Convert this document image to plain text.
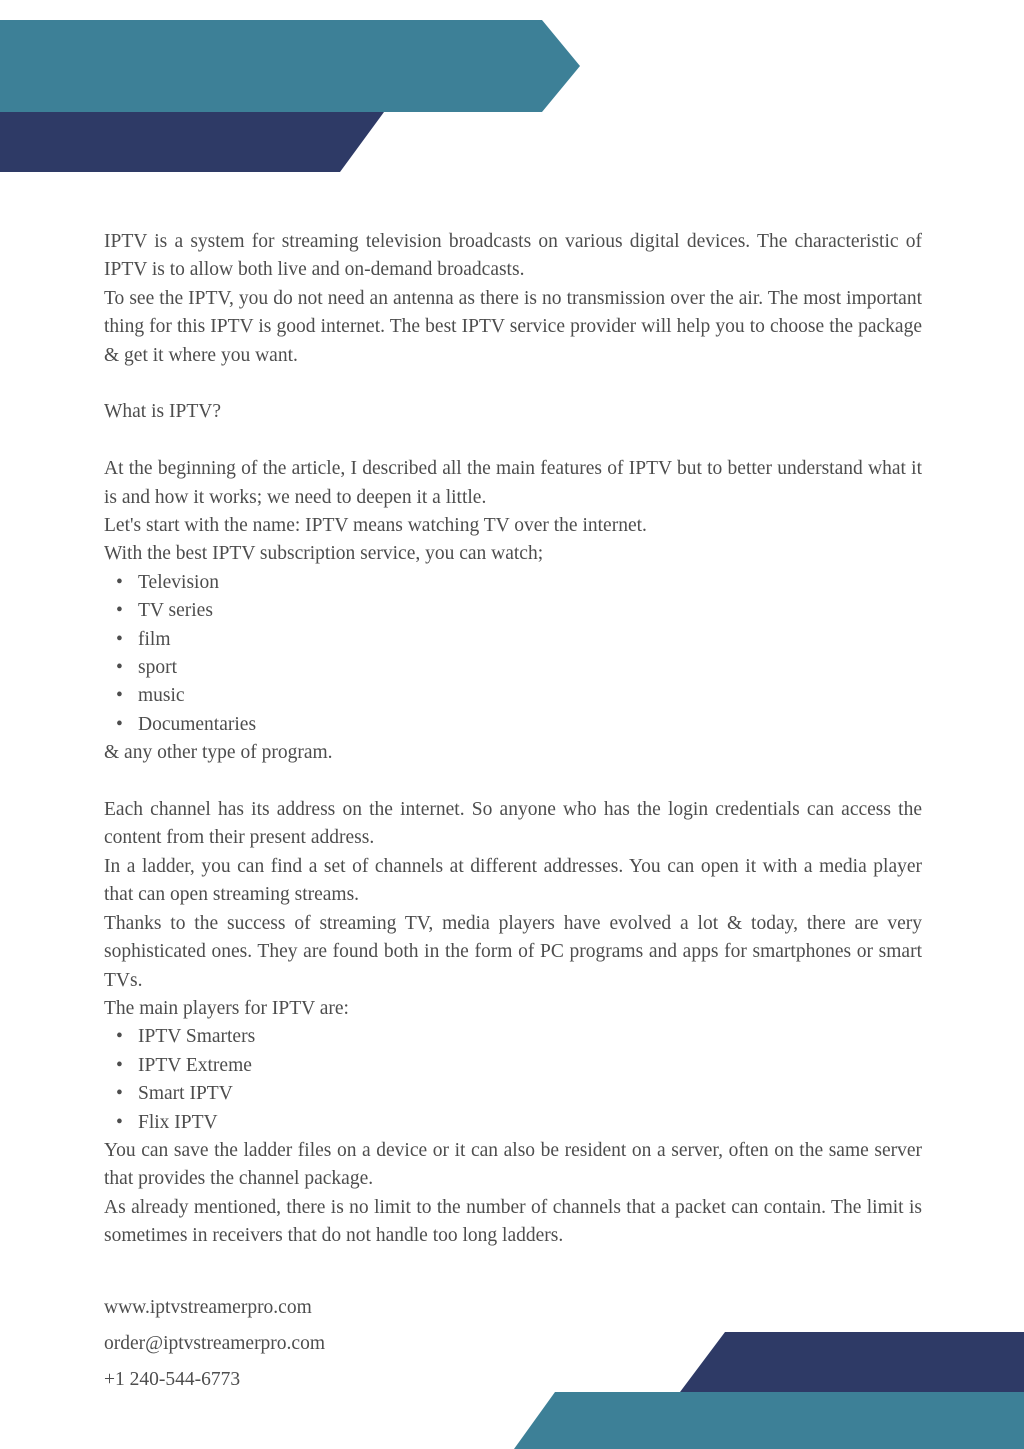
IPTV is a system for streaming television broadcasts on various digital devices. The characteristic of IPTV is to allow both live and on-demand broadcasts.

To see the IPTV, you do not need an antenna as there is no transmission over the air. The most important thing for this IPTV is good internet. The best IPTV service provider will help you to choose the package & get it where you want.

What is IPTV?

At the beginning of the article, I described all the main features of IPTV but to better understand what it is and how it works; we need to deepen it a little.

Let's start with the name: IPTV means watching TV over the internet.

With the best IPTV subscription service, you can watch;

• Television
• TV series
• film
• sport
• music
• Documentaries

& any other type of program.

Each channel has its address on the internet. So anyone who has the login credentials can access the content from their present address.

In a ladder, you can find a set of channels at different addresses. You can open it with a media player that can open streaming streams.

Thanks to the success of streaming TV, media players have evolved a lot & today, there are very sophisticated ones. They are found both in the form of PC programs and apps for smartphones or smart TVs.

The main players for IPTV are:

• IPTV Smarters
• IPTV Extreme
• Smart IPTV
• Flix IPTV

You can save the ladder files on a device or it can also be resident on a server, often on the same server that provides the channel package.

As already mentioned, there is no limit to the number of channels that a packet can contain. The limit is sometimes in receivers that do not handle too long ladders.

www.iptvstreamerpro.com
order@iptvstreamerpro.com
+1 240-544-6773
